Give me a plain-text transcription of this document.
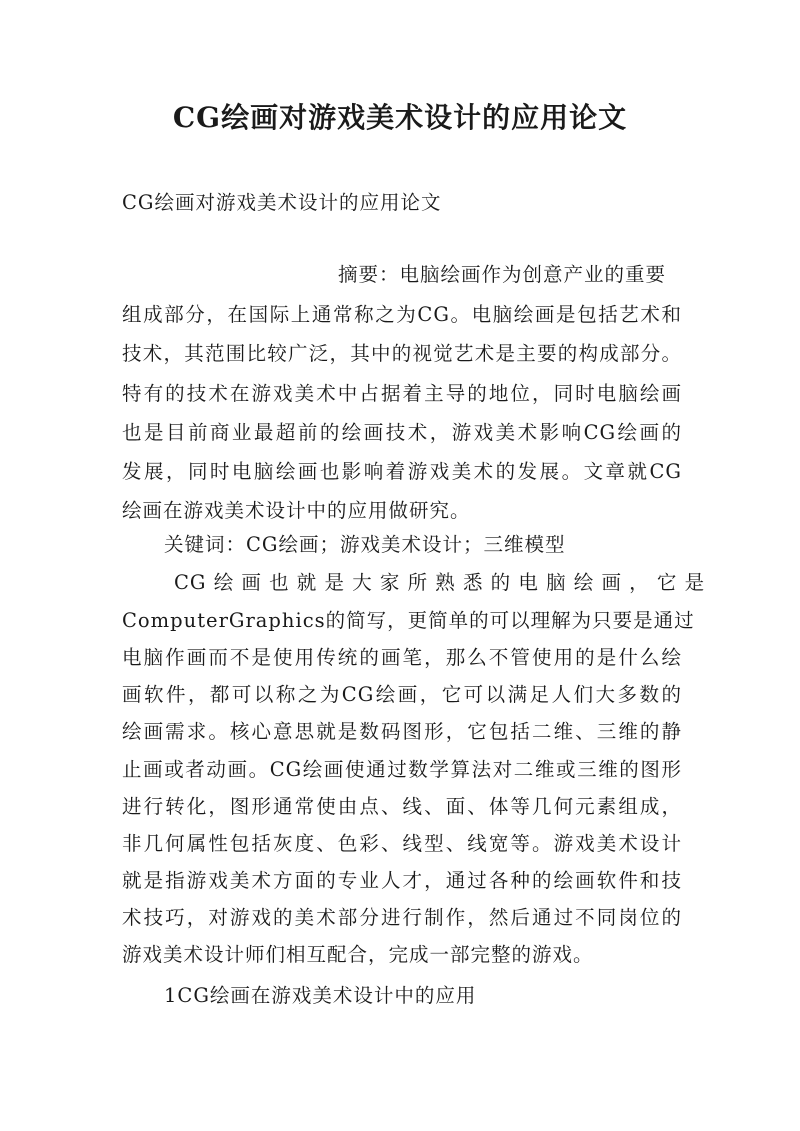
CG绘画对游戏美术设计的应用论文
CG绘画对游戏美术设计的应用论文
摘要：电脑绘画作为创意产业的重要
组成部分，在国际上通常称之为CG。电脑绘画是包括艺术和
技术，其范围比较广泛，其中的视觉艺术是主要的构成部分。
特有的技术在游戏美术中占据着主导的地位，同时电脑绘画
也是目前商业最超前的绘画技术，游戏美术影响CG绘画的
发展，同时电脑绘画也影响着游戏美术的发展。文章就CG
绘画在游戏美术设计中的应用做研究。
关键词：CG绘画；游戏美术设计；三维模型
CG 绘 画 也 就 是 大 家 所 熟 悉 的 电 脑 绘 画 ， 它 是
ComputerGraphics的简写，更简单的可以理解为只要是通过
电脑作画而不是使用传统的画笔，那么不管使用的是什么绘
画软件，都可以称之为CG绘画，它可以满足人们大多数的
绘画需求。核心意思就是数码图形，它包括二维、三维的静
止画或者动画。CG绘画使通过数学算法对二维或三维的图形
进行转化，图形通常使由点、线、面、体等几何元素组成，
非几何属性包括灰度、色彩、线型、线宽等。游戏美术设计
就是指游戏美术方面的专业人才，通过各种的绘画软件和技
术技巧，对游戏的美术部分进行制作，然后通过不同岗位的
游戏美术设计师们相互配合，完成一部完整的游戏。
1CG绘画在游戏美术设计中的应用
